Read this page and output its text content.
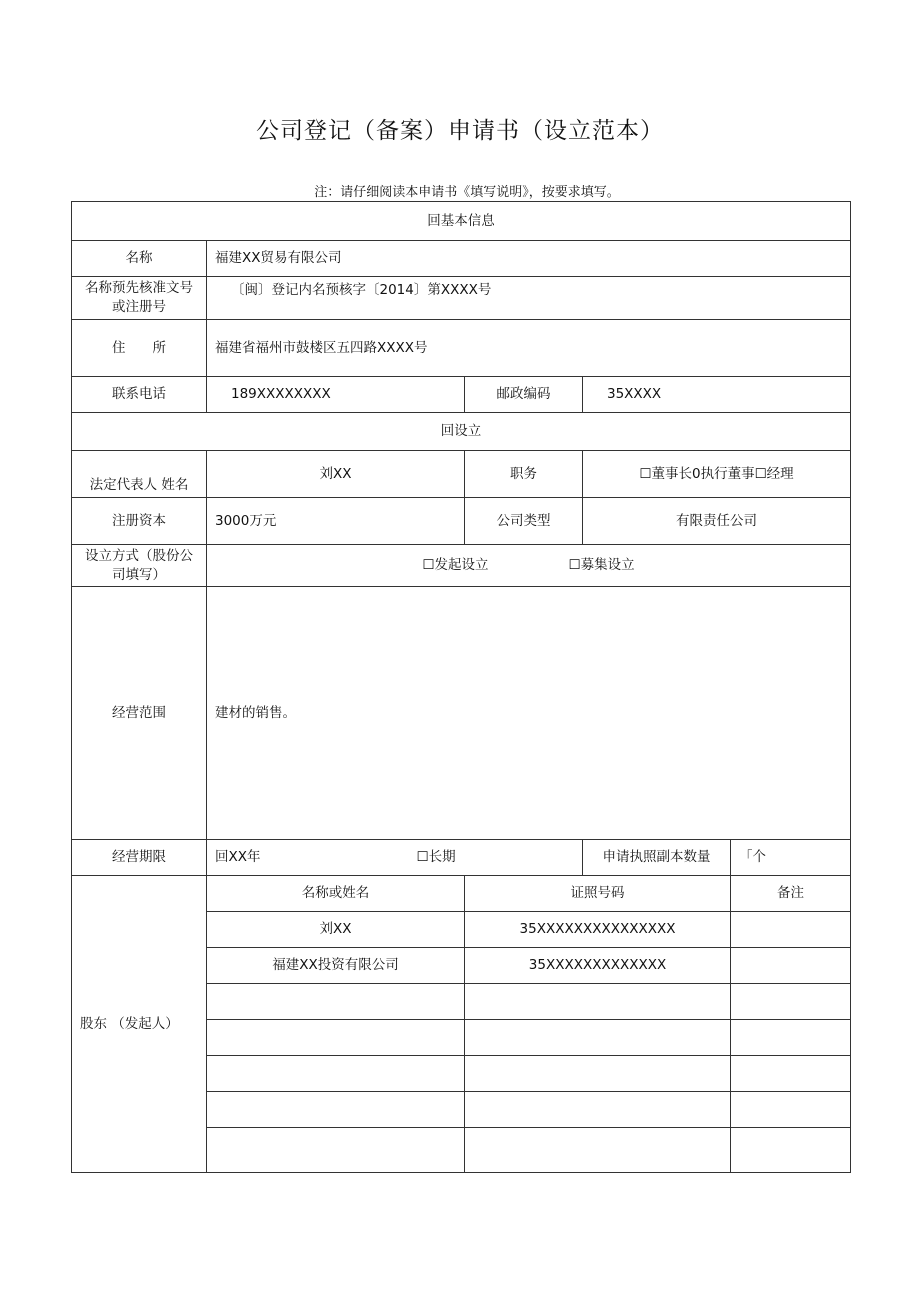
公司登记（备案）申请书（设立范本）
注：请仔细阅读本申请书《填写说明》，按要求填写。
回基本信息				
名称	福建XX贸易有限公司			
名称预先核准文号或注册号	〔闽〕登记内名预核字〔2014〕第XXXX号			
住　　所	福建省福州市鼓楼区五四路XXXX号			
联系电话	189XXXXXXXX	邮政编码	35XXXX	
回设立				
法定代表人 姓名	刘XX	职务	☐董事长0执行董事☐经理	
注册资本	3000万元	公司类型	有限责任公司	
设立方式（股份公司填写）	☐发起设立 ☐募集设立			
经营范围	建材的销售。			
经营期限	回XX年 ☐长期		申请执照副本数量	「个
股东 （发起人）	名称或姓名	证照号码		备注
	刘XX	35XXXXXXXXXXXXXXX		
	福建XX投资有限公司	35XXXXXXXXXXXXX		
